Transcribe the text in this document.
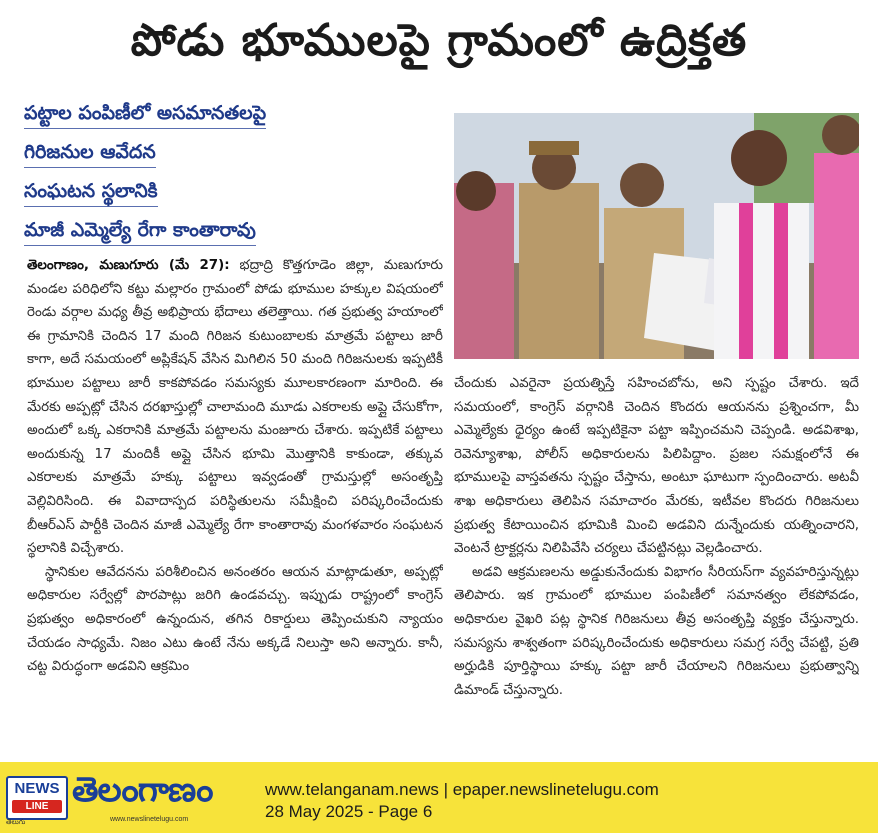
పోడు భూములపై గ్రామంలో ఉద్రిక్తత
పట్టాల పంపిణీలో అసమానతలపై
గిరిజనుల ఆవేదన
సంఘటన స్థలానికి
మాజీ ఎమ్మెల్యే రేగా కాంతారావు

తెలంగాణం, మణుగూరు (మే 27): భద్రాద్రి కొత్తగూడెం జిల్లా, మణుగూరు మండల పరిధిలోని కట్టు మల్లారం గ్రామంలో పోడు భూముల హక్కుల విషయంలో రెండు వర్గాల మధ్య తీవ్ర అభిప్రాయ భేదాలు తలెత్తాయి. గత ప్రభుత్వ హయాంలో ఈ గ్రామానికి చెందిన 17 మంది గిరిజన కుటుంబాలకు మాత్రమే పట్టాలు జారీ కాగా, అదే సమయంలో అప్లికేషన్ వేసిన మిగిలిన 50 మంది గిరిజనులకు ఇప్పటికీ భూముల పట్టాలు జారీ కాకపోవడం సమస్యకు మూలకారణంగా మారింది. ఈ మేరకు అప్పట్లో చేసిన దరఖాస్తుల్లో చాలామంది మూడు ఎకరాలకు అప్లై చేసుకోగా, అందులో ఒక్క ఎకరానికి మాత్రమే పట్టాలను మంజూరు చేశారు. ఇప్పటికే పట్టాలు అందుకున్న 17 మందికీ అప్లై చేసిన భూమి మొత్తానికి కాకుండా, తక్కువ ఎకరాలకు మాత్రమే హక్కు పట్టాలు ఇవ్వడంతో గ్రామస్తుల్లో అసంతృప్తి వెల్లివిరిసింది. ఈ వివాదాస్పద పరిస్థితులను సమీక్షించి పరిష్కరించేందుకు బీఆర్ఎస్ పార్టీకి చెందిన మాజీ ఎమ్మెల్యే రేగా కాంతారావు మంగళవారం సంఘటన స్థలానికి విచ్చేశారు.

స్థానికుల ఆవేదనను పరిశీలించిన అనంతరం ఆయన మాట్లాడుతూ, అప్పట్లో అధికారుల సర్వేల్లో పొరపాట్లు జరిగి ఉండవచ్చు. ఇప్పుడు రాష్ట్రంలో కాంగ్రెస్ ప్రభుత్వం అధికారంలో ఉన్నందున, తగిన రికార్డులు తెప్పించుకుని న్యాయం చేయడం సాధ్యమే. నిజం ఎటు ఉంటే నేను అక్కడే నిలుస్తా అని అన్నారు. కానీ, చట్ట విరుద్ధంగా అడవిని ఆక్రమిం

చేందుకు ఎవరైనా ప్రయత్నిస్తే సహించబోను, అని స్పష్టం చేశారు. ఇదే సమయంలో, కాంగ్రెస్ వర్గానికి చెందిన కొందరు ఆయనను ప్రశ్నించగా, మీ ఎమ్మెల్యేకు ధైర్యం ఉంటే ఇప్పటికైనా పట్టా ఇప్పించమని చెప్పండి. అడవిశాఖ, రెవెన్యూశాఖ, పోలీస్ అధికారులను పిలిపిద్దాం. ప్రజల సమక్షంలోనే ఈ భూములపై వాస్తవతను స్పష్టం చేస్తాను, అంటూ ఘాటుగా స్పందించారు. అటవీ శాఖ అధికారులు తెలిపిన సమాచారం మేరకు, ఇటీవల కొందరు గిరిజనులు ప్రభుత్వ కేటాయించిన భూమికి మించి అడవిని దున్నేందుకు యత్నించారని, వెంటనే ట్రాక్టర్లను నిలిపివేసి చర్యలు చేపట్టినట్లు వెల్లడించారు.

అడవి ఆక్రమణలను అడ్డుకునేందుకు విభాగం సీరియస్‌గా వ్యవహరిస్తున్నట్లు తెలిపారు. ఇక గ్రామంలో భూముల పంపిణీలో సమానత్వం లేకపోవడం, అధికారుల వైఖరి పట్ల స్థానిక గిరిజనులు తీవ్ర అసంతృప్తి వ్యక్తం చేస్తున్నారు. సమస్యను శాశ్వతంగా పరిష్కరించేందుకు అధికారులు సమగ్ర సర్వే చేపట్టి, ప్రతి అర్హుడికి పూర్తిస్థాయి హక్కు పట్టా జారీ చేయాలని గిరిజనులు ప్రభుత్వాన్ని డిమాండ్ చేస్తున్నారు.

NEWS
LINE
తెలుగు
తెలంగాణం
www.newslinetelugu.com
www.telanganam.news | epaper.newslinetelugu.com
28 May 2025 - Page 6
